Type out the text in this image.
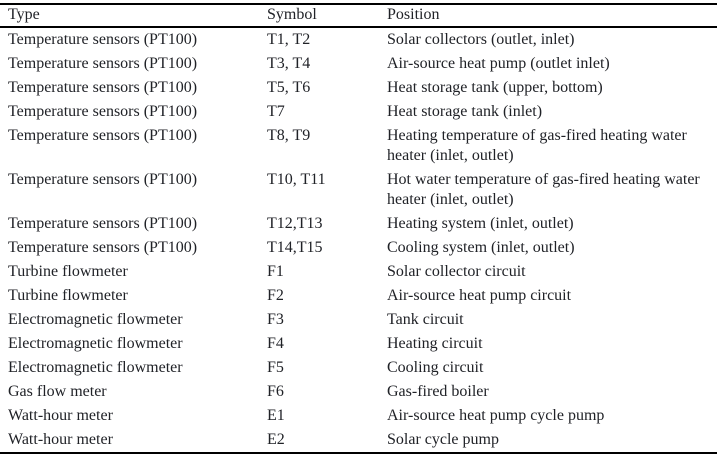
Type	Symbol	Position
Temperature sensors (PT100)	T1, T2	Solar collectors (outlet, inlet)
Temperature sensors (PT100)	T3, T4	Air-source heat pump (outlet inlet)
Temperature sensors (PT100)	T5, T6	Heat storage tank (upper, bottom)
Temperature sensors (PT100)	T7	Heat storage tank (inlet)
Temperature sensors (PT100)	T8, T9	Heating temperature of gas-fired heating water heater (inlet, outlet)
Temperature sensors (PT100)	T10, T11	Hot water temperature of gas-fired heating water heater (inlet, outlet)
Temperature sensors (PT100)	T12,T13	Heating system (inlet, outlet)
Temperature sensors (PT100)	T14,T15	Cooling system (inlet, outlet)
Turbine flowmeter	F1	Solar collector circuit
Turbine flowmeter	F2	Air-source heat pump circuit
Electromagnetic flowmeter	F3	Tank circuit
Electromagnetic flowmeter	F4	Heating circuit
Electromagnetic flowmeter	F5	Cooling circuit
Gas flow meter	F6	Gas-fired boiler
Watt-hour meter	E1	Air-source heat pump cycle pump
Watt-hour meter	E2	Solar cycle pump
